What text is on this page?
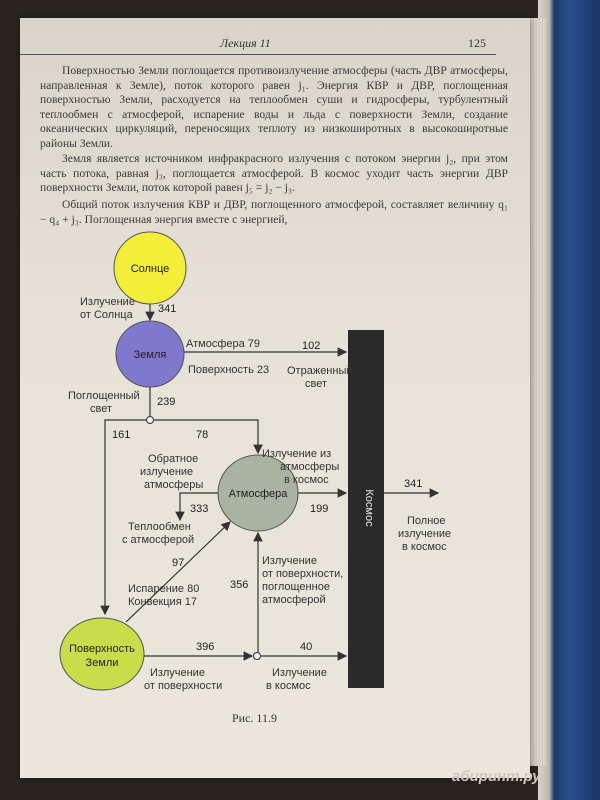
Лекция 11	125

Поверхностью Земли поглощается противоизлучение атмосферы (часть ДВР атмосферы, направленная к Земле), поток которого равен j₁. Энергия КВР и ДВР, поглощенная поверхностью Земли, расходуется на теплообмен суши и гидросферы, турбулентный теплообмен с атмосферой, испарение воды и льда с поверхности Земли, создание океанических циркуляций, переносящих теплоту из низкоширотных в высокоширотные районы Земли.

Земля является источником инфракрасного излучения с потоком энергии j₂, при этом часть потока, равная j₃, поглощается атмосферой. В космос уходит часть энергии ДВР поверхности Земли, поток которой равен j₅ = j₂ − j₃.

Общий поток излучения КВР и ДВР, поглощенного атмосферой, составляет величину q₁ − q₄ + j₃. Поглощенная энергия вместе с энергией,

Солнце
Земля
Атмосфера
Поверхность
Земли
Космос
Излучение
от Солнца 341
Атмосфера 79	102
Поверхность 23 Отраженный
свет
Поглощенный
свет
239
161	78
Обратное
излучение
атмосферы
333
Излучение из
атмосферы
в космос
199
341
Полное
излучение
в космос
Теплообмен
с атмосферой
97
Испарение 80
Конвекция 17
356
Излучение
от поверхности,
поглощенное
атмосферой
396
Излучение
от поверхности
40
Излучение
в космос
Рис. 11.9
абиринт.ру
